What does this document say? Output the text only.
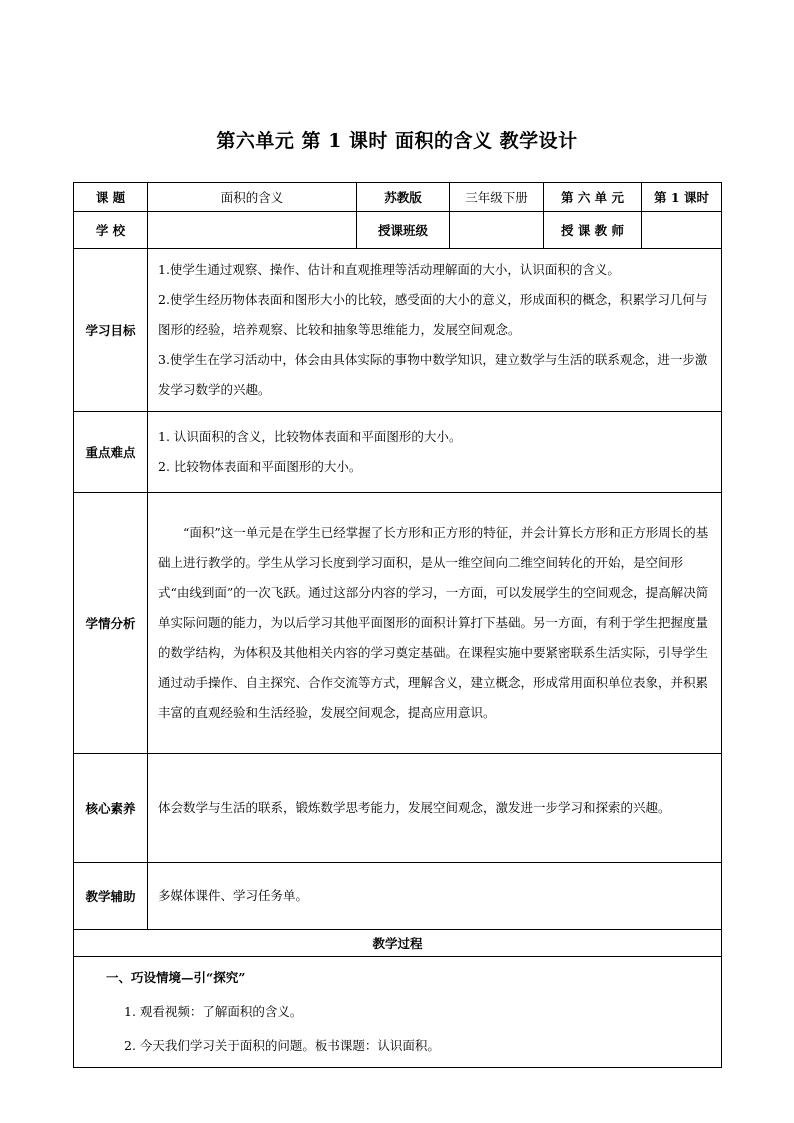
第六单元 第 1 课时 面积的含义 教学设计
课 题	面积的含义	苏教版	三年级下册	第 六 单 元	第 1 课时
学 校		授课班级		授 课 教 师	
学习目标	1.使学生通过观察、操作、估计和直观推理等活动理解面的大小，认识面积的含义。

2.使学生经历物体表面和图形大小的比较，感受面的大小的意义，形成面积的概念，积累学习几何与图形的经验，培养观察、比较和抽象等思维能力，发展空间观念。

3.使学生在学习活动中，体会由具体实际的事物中数学知识，建立数学与生活的联系观念，进一步激发学习数学的兴趣。				

重点难点	1. 认识面积的含义，比较物体表面和平面图形的大小。

2. 比较物体表面和平面图形的大小。				

学情分析	“面积”这一单元是在学生已经掌握了长方形和正方形的特征，并会计算长方形和正方形周长的基础上进行教学的。学生从学习长度到学习面积，是从一维空间向二维空间转化的开始，是空间形式“由线到面”的一次飞跃。通过这部分内容的学习，一方面，可以发展学生的空间观念，提高解决简单实际问题的能力，为以后学习其他平面图形的面积计算打下基础。另一方面，有利于学生把握度量的数学结构，为体积及其他相关内容的学习奠定基础。在课程实施中要紧密联系生活实际，引导学生通过动手操作、自主探究、合作交流等方式，理解含义，建立概念，形成常用面积单位表象，并积累丰富的直观经验和生活经验，发展空间观念，提高应用意识。				

核心素养	体会数学与生活的联系，锻炼数学思考能力，发展空间观念，激发进一步学习和探索的兴趣。				

教学辅助	多媒体课件、学习任务单。				

教学过程					

一、巧设情境—引“探究”

1. 观看视频：了解面积的含义。

2. 今天我们学习关于面积的问题。板书课题：认识面积。					
